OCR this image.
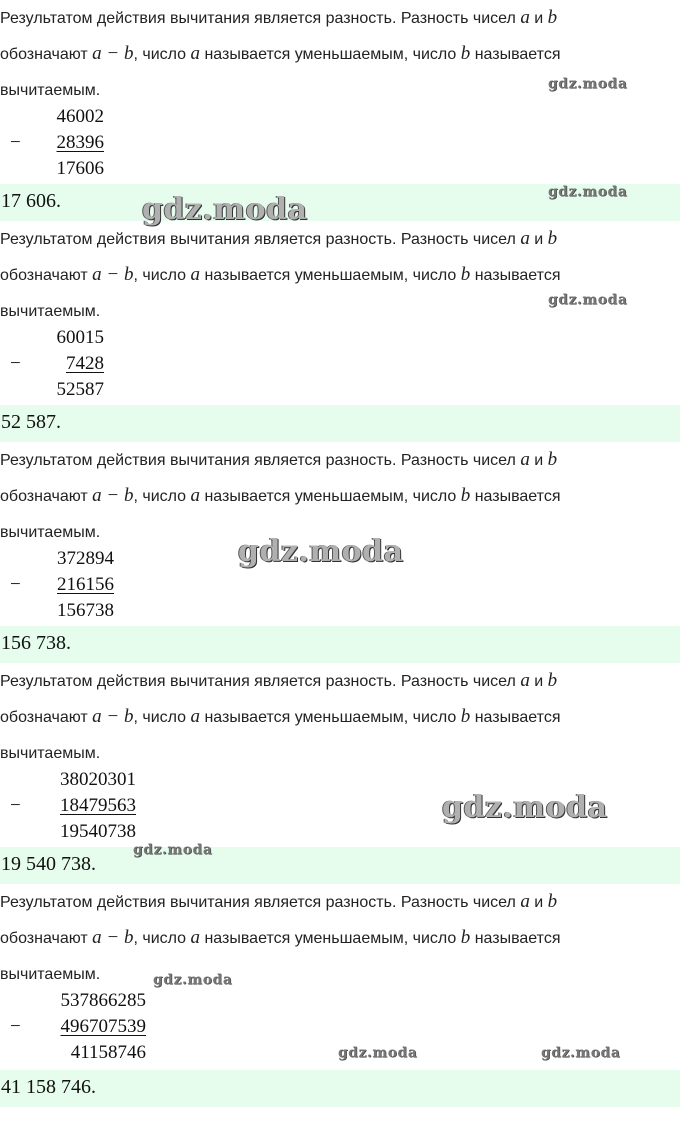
Результатом действия вычитания является разность. Разность чисел a и b
обозначают a − b, число a называется уменьшаемым, число b называется
вычитаемым.
46002
− 28396
17606
17 606.
Результатом действия вычитания является разность. Разность чисел a и b
обозначают a − b, число a называется уменьшаемым, число b называется
вычитаемым.
60015
− 7428
52587
52 587.
Результатом действия вычитания является разность. Разность чисел a и b
обозначают a − b, число a называется уменьшаемым, число b называется
вычитаемым.
372894
− 216156
156738
156 738.
Результатом действия вычитания является разность. Разность чисел a и b
обозначают a − b, число a называется уменьшаемым, число b называется
вычитаемым.
38020301
− 18479563
19540738
19 540 738.
Результатом действия вычитания является разность. Разность чисел a и b
обозначают a − b, число a называется уменьшаемым, число b называется
вычитаемым.
537866285
− 496707539
41158746
41 158 746.
gdz.moda
gdz.moda
gdz.moda
gdz.moda
gdz.moda
gdz.moda
gdz.moda
gdz.moda
gdz.moda	gdz.moda
